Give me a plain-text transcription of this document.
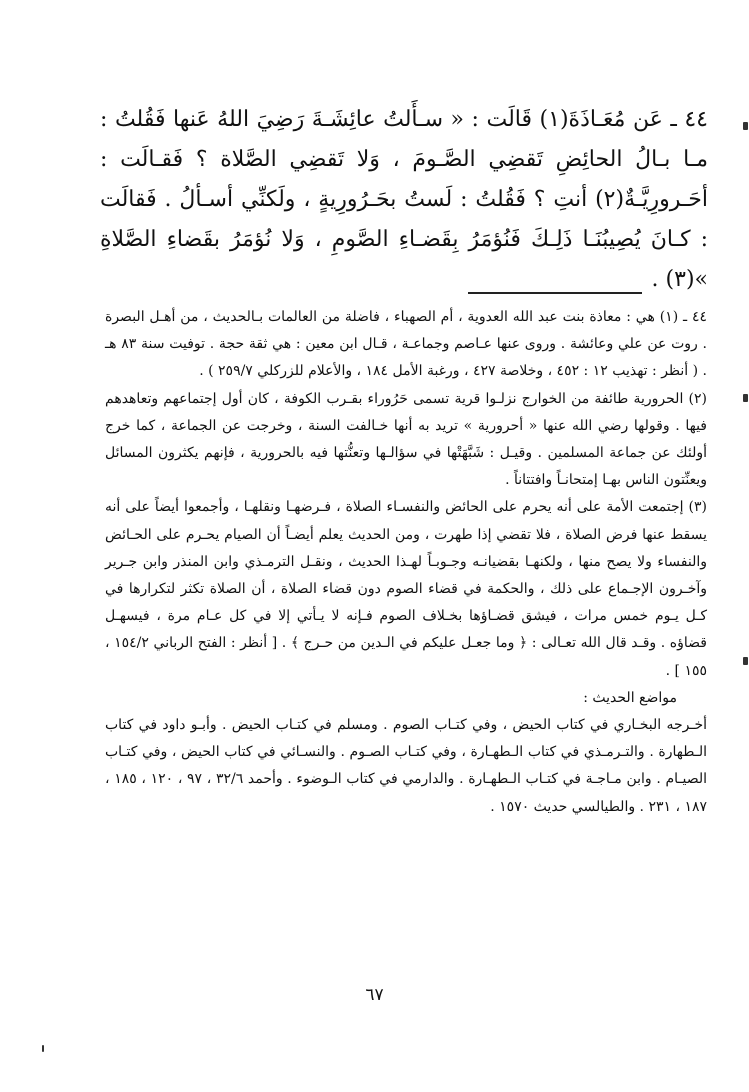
٤٤ ـ عَن مُعَـاذَةَ(١) قَالَت : « سـأَلتُ عائِشَـةَ رَضِيَ اللهُ عَنها فَقُلتُ : مـا بـالُ الحائِضِ تَقضِي الصَّـومَ ، وَلا تَقضِي الصَّلاة ؟ فَقـالَت : أحَـرورِيَّـةٌ(٢) أنتِ ؟ فَقُلتُ : لَستُ بحَـرُورِيةٍ ، ولَكنِّي أسـألُ . فَقالَت : كـانَ يُصِيبُنَـا ذَلِـكَ فَنُؤمَرُ بِقَضـاءِ الصَّومِ ، وَلا نُؤمَرُ بقَضاءِ الصَّلاةِ »(٣) .

٤٤ ـ (١) هي : معاذة بنت عبد الله العدوية ، أم الصهباء ، فاضلة من العالمات بـالحديث ، من أهـل البصرة . روت عن علي وعائشة . وروى عنها عـاصم وجماعـة ، قـال ابن معين : هي ثقة حجة . توفيت سنة ٨٣ هـ . ( أنظر : تهذيب ١٢ : ٤٥٢ ، وخلاصة ٤٢٧ ، ورغبة الأمل ١٨٤ ، والأعلام للزركلي ٢٥٩/٧ ) .

(٢) الحرورية طائفة من الخوارج نزلـوا قرية تسمى حَرُوراء بقـرب الكوفة ، كان أول إجتماعهم وتعاهدهم فيها . وقولها رضي الله عنها « أحرورية » تريد به أنها خـالفت السنة ، وخرجت عن الجماعة ، كما خرج أولئك عن جماعة المسلمين . وقيـل : شَبَّهَتْها في سؤالـها وتعنُّتها فيه بالحرورية ، فإنهم يكثرون المسائل ويعنِّتون الناس بهـا إمتحانـاً وافتتاناً .

(٣) إجتمعت الأمة على أنه يحرم على الحائض والنفسـاء الصلاة ، فـرضهـا ونقلهـا ، وأجمعوا أيضاً على أنه يسقط عنها فرض الصلاة ، فلا تقضي إذا طهرت ، ومن الحديث يعلم أيضـاً أن الصيام يحـرم على الحـائض والنفساء ولا يصح منها ، ولكنهـا بقضيانـه وجـوبـاً لهـذا الحديث ، ونقـل الترمـذي وابن المنذر وابن جـرير وآخـرون الإجـماع على ذلك ، والحكمة في قضاء الصوم دون قضاء الصلاة ، أن الصلاة تكثر لتكرارها في كـل يـوم خمس مرات ، فيشق قضـاؤها بخـلاف الصوم فـإنه لا يـأتي إلا في كل عـام مرة ، فيسهـل قضاؤه . وقـد قال الله تعـالى : ﴿ وما جعـل عليكم في الـدين من حـرج ﴾ . [ أنظر : الفتح الرباني ١٥٤/٢ ، ١٥٥ ] .

مواضع الحديث :

أخـرجه البخـاري في كتاب الحيض ، وفي كتـاب الصوم . ومسلم في كتـاب الحيض . وأبـو داود في كتاب الـطهارة . والتـرمـذي في كتاب الـطهـارة ، وفي كتـاب الصـوم . والنسـائي في كتاب الحيض ، وفي كتـاب الصيـام . وابن مـاجـة في كتـاب الـطهـارة . والدارمي في كتاب الـوضوء . وأحمد ٣٢/٦ ، ٩٧ ، ١٢٠ ، ١٨٥ ، ١٨٧ ، ٢٣١ . والطيالسي حديث ١٥٧٠ .

٦٧
